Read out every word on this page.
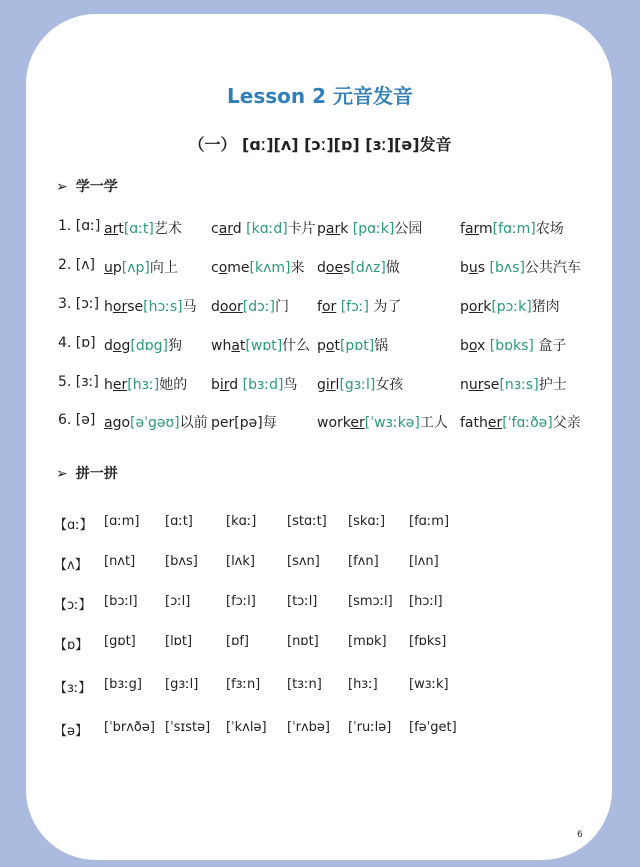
Lesson 2 元音发音
（一） [ɑː][ʌ] [ɔː][ɒ] [ɜː][ə]发音
➢ 学一学
1. [ɑː] art[ɑːt]艺术 card [kɑːd]卡片 park [pɑːk]公园	farm[fɑːm]农场
2. [ʌ] up[ʌp]向上 come[kʌm]来 does[dʌz]做	bus [bʌs]公共汽车
3. [ɔː] horse[hɔːs]马 door[dɔː]门 for [fɔː] 为了	pork[pɔːk]猪肉
4. [ɒ] dog[dɒg]狗 what[wɒt]什么 pot[pɒt]锅	box [bɒks] 盒子
5. [ɜː] her[hɜː]她的 bird [bɜːd]鸟 girl[gɜːl]女孩	nurse[nɜːs]护士
6. [ə] ago[əˈgəʊ]以前 per[pə]每	worker[ˈwɜːkə]工人 father[ˈfɑːðə]父亲
➢ 拼一拼
【ɑː】 [ɑːm] [ɑːt]	[kɑː] [stɑːt] [skɑː] [fɑːm]
【ʌ】 [nʌt] [bʌs] [lʌk] [sʌn] [fʌn] [lʌn]
【ɔː】 [bɔːl] [ɔːl]	[fɔːl] [tɔːl] [smɔːl] [hɔːl]
【ɒ】 [gɒt] [lɒt]	[ɒf]	[nɒt] [mɒk] [fɒks]
【ɜː】 [bɜːg] [gɜːl] [fɜːn] [tɜːn] [hɜː] [wɜːk]
【ə】 [ˈbrʌðə] [ˈsɪstə] [ˈkʌlə] [ˈrʌbə] [ˈruːlə] [fəˈget]
6
